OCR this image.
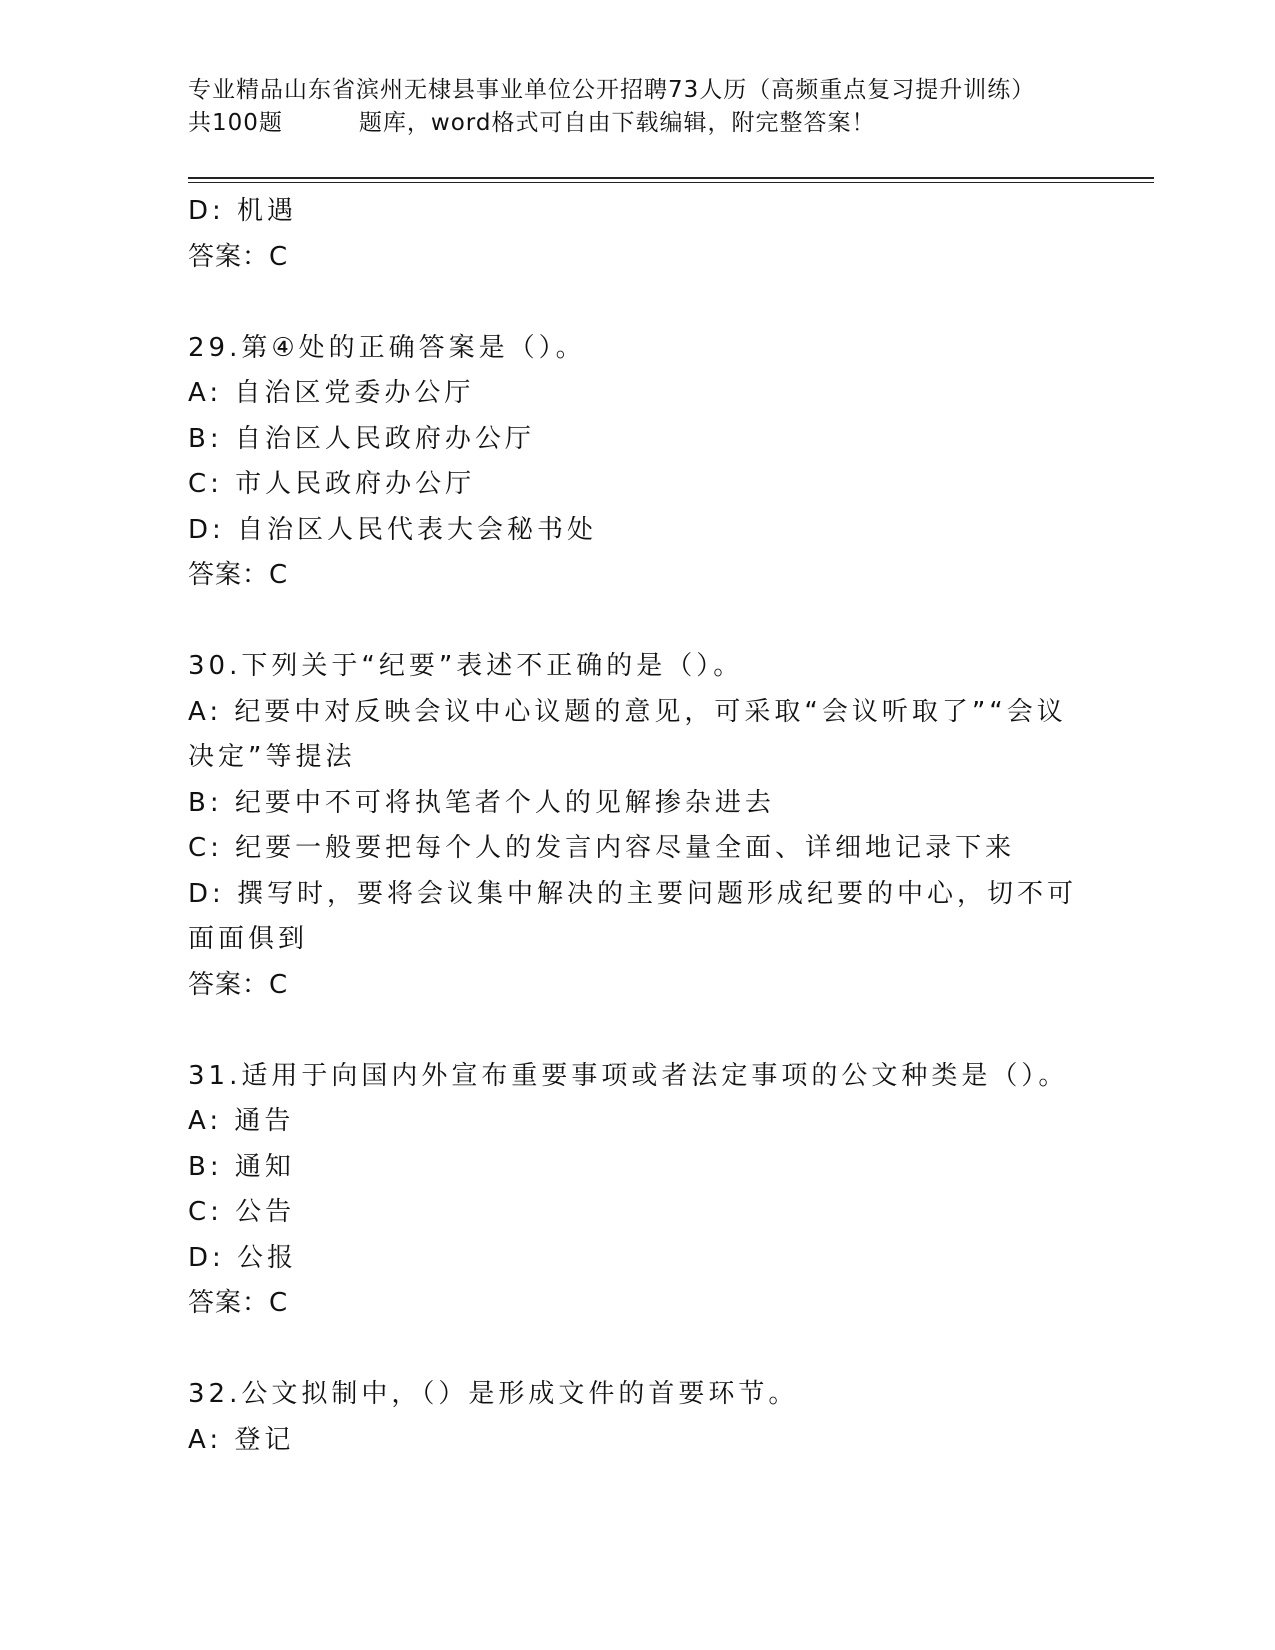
专业精品山东省滨州无棣县事业单位公开招聘73人历（高频重点复习提升训练）
共100题	题库，word格式可自由下载编辑，附完整答案！
D: 机遇
答案：C
29.第④处的正确答案是（）。
A: 自治区党委办公厅
B: 自治区人民政府办公厅
C: 市人民政府办公厅
D: 自治区人民代表大会秘书处
答案：C
30.下列关于“纪要”表述不正确的是（）。
A: 纪要中对反映会议中心议题的意见，可采取“会议听取了”“会议决定”等提法
B: 纪要中不可将执笔者个人的见解掺杂进去
C: 纪要一般要把每个人的发言内容尽量全面、详细地记录下来
D: 撰写时，要将会议集中解决的主要问题形成纪要的中心，切不可面面俱到
答案：C
31.适用于向国内外宣布重要事项或者法定事项的公文种类是（）。
A: 通告
B: 通知
C: 公告
D: 公报
答案：C
32.公文拟制中，（）是形成文件的首要环节。
A: 登记
